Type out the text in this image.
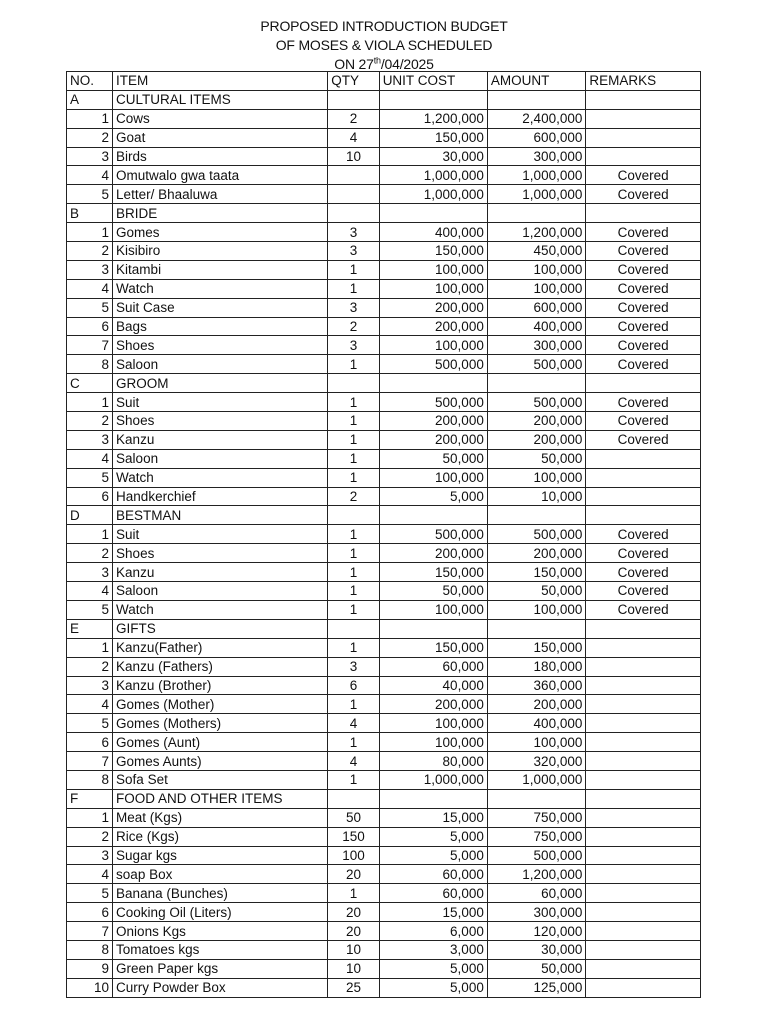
PROPOSED INTRODUCTION BUDGET
OF MOSES & VIOLA SCHEDULED
ON 27th/04/2025
NO.	ITEM	QTY	UNIT COST	AMOUNT	REMARKS
A	CULTURAL ITEMS				
1	Cows	2	1,200,000	2,400,000	
2	Goat	4	150,000	600,000	
3	Birds	10	30,000	300,000	
4	Omutwalo gwa taata		1,000,000	1,000,000	Covered
5	Letter/ Bhaaluwa		1,000,000	1,000,000	Covered
B	BRIDE				
1	Gomes	3	400,000	1,200,000	Covered
2	Kisibiro	3	150,000	450,000	Covered
3	Kitambi	1	100,000	100,000	Covered
4	Watch	1	100,000	100,000	Covered
5	Suit Case	3	200,000	600,000	Covered
6	Bags	2	200,000	400,000	Covered
7	Shoes	3	100,000	300,000	Covered
8	Saloon	1	500,000	500,000	Covered
C	GROOM				
1	Suit	1	500,000	500,000	Covered
2	Shoes	1	200,000	200,000	Covered
3	Kanzu	1	200,000	200,000	Covered
4	Saloon	1	50,000	50,000	
5	Watch	1	100,000	100,000	
6	Handkerchief	2	5,000	10,000	
D	BESTMAN				
1	Suit	1	500,000	500,000	Covered
2	Shoes	1	200,000	200,000	Covered
3	Kanzu	1	150,000	150,000	Covered
4	Saloon	1	50,000	50,000	Covered
5	Watch	1	100,000	100,000	Covered
E	GIFTS				
1	Kanzu(Father)	1	150,000	150,000	
2	Kanzu (Fathers)	3	60,000	180,000	
3	Kanzu (Brother)	6	40,000	360,000	
4	Gomes (Mother)	1	200,000	200,000	
5	Gomes (Mothers)	4	100,000	400,000	
6	Gomes (Aunt)	1	100,000	100,000	
7	Gomes Aunts)	4	80,000	320,000	
8	Sofa Set	1	1,000,000	1,000,000	
F	FOOD AND OTHER ITEMS				
1	Meat (Kgs)	50	15,000	750,000	
2	Rice (Kgs)	150	5,000	750,000	
3	Sugar kgs	100	5,000	500,000	
4	soap Box	20	60,000	1,200,000	
5	Banana (Bunches)	1	60,000	60,000	
6	Cooking Oil (Liters)	20	15,000	300,000	
7	Onions Kgs	20	6,000	120,000	
8	Tomatoes kgs	10	3,000	30,000	
9	Green Paper kgs	10	5,000	50,000	
10	Curry Powder Box	25	5,000	125,000	
